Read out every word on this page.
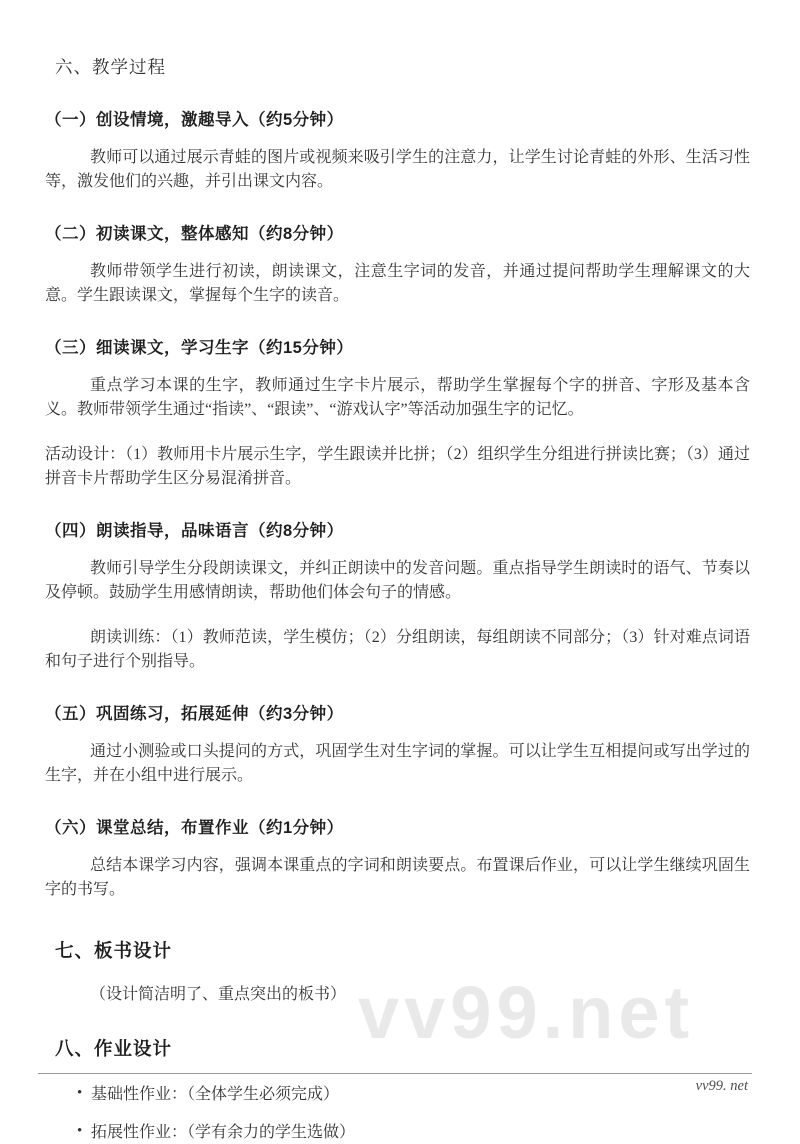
vv99.net
六、教学过程
（一）创设情境，激趣导入（约5分钟）

教师可以通过展示青蛙的图片或视频来吸引学生的注意力，让学生讨论青蛙的外形、生活习性等，激发他们的兴趣，并引出课文内容。

（二）初读课文，整体感知（约8分钟）

教师带领学生进行初读，朗读课文，注意生字词的发音，并通过提问帮助学生理解课文的大意。学生跟读课文，掌握每个生字的读音。

（三）细读课文，学习生字（约15分钟）

重点学习本课的生字，教师通过生字卡片展示，帮助学生掌握每个字的拼音、字形及基本含义。教师带领学生通过“指读”、“跟读”、“游戏认字”等活动加强生字的记忆。

活动设计：（1）教师用卡片展示生字，学生跟读并比拼；（2）组织学生分组进行拼读比赛；（3）通过拼音卡片帮助学生区分易混淆拼音。

（四）朗读指导，品味语言（约8分钟）

教师引导学生分段朗读课文，并纠正朗读中的发音问题。重点指导学生朗读时的语气、节奏以及停顿。鼓励学生用感情朗读，帮助他们体会句子的情感。

朗读训练：（1）教师范读，学生模仿；（2）分组朗读，每组朗读不同部分；（3）针对难点词语和句子进行个别指导。

（五）巩固练习，拓展延伸（约3分钟）

通过小测验或口头提问的方式，巩固学生对生字词的掌握。可以让学生互相提问或写出学过的生字，并在小组中进行展示。

（六）课堂总结，布置作业（约1分钟）

总结本课学习内容，强调本课重点的字词和朗读要点。布置课后作业，可以让学生继续巩固生字的书写。

七、板书设计

（设计简洁明了、重点突出的板书）

八、作业设计
• 基础性作业：（全体学生必须完成）
• 拓展性作业：（学有余力的学生选做）
vv99. net
